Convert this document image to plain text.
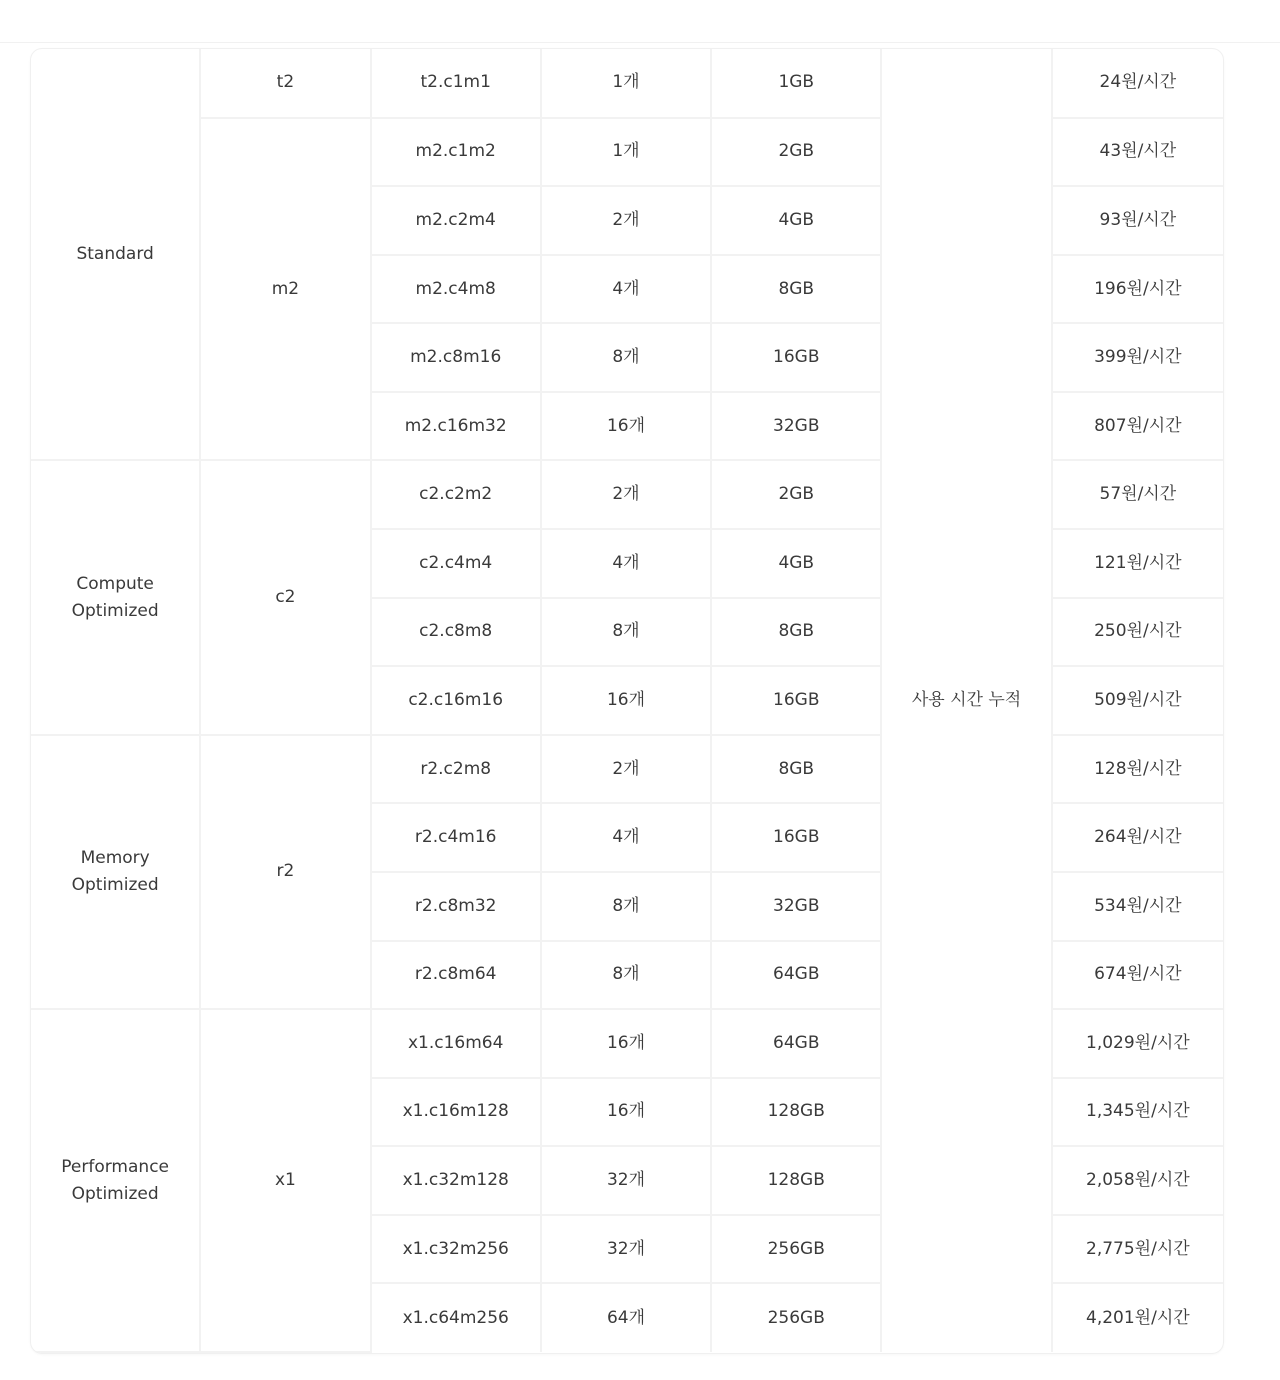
Standard	t2	t2.c1m1	1개	1GB	사용 시간 누적	24원/시간
	m2	m2.c1m2	1개	2GB		43원/시간
		m2.c2m4	2개	4GB		93원/시간
		m2.c4m8	4개	8GB		196원/시간
		m2.c8m16	8개	16GB		399원/시간
		m2.c16m32	16개	32GB		807원/시간
Compute Optimized	c2	c2.c2m2	2개	2GB		57원/시간
		c2.c4m4	4개	4GB		121원/시간
		c2.c8m8	8개	8GB		250원/시간
		c2.c16m16	16개	16GB		509원/시간
Memory Optimized	r2	r2.c2m8	2개	8GB		128원/시간
		r2.c4m16	4개	16GB		264원/시간
		r2.c8m32	8개	32GB		534원/시간
		r2.c8m64	8개	64GB		674원/시간
Performance Optimized	x1	x1.c16m64	16개	64GB		1,029원/시간
		x1.c16m128	16개	128GB		1,345원/시간
		x1.c32m128	32개	128GB		2,058원/시간
		x1.c32m256	32개	256GB		2,775원/시간
		x1.c64m256	64개	256GB		4,201원/시간
